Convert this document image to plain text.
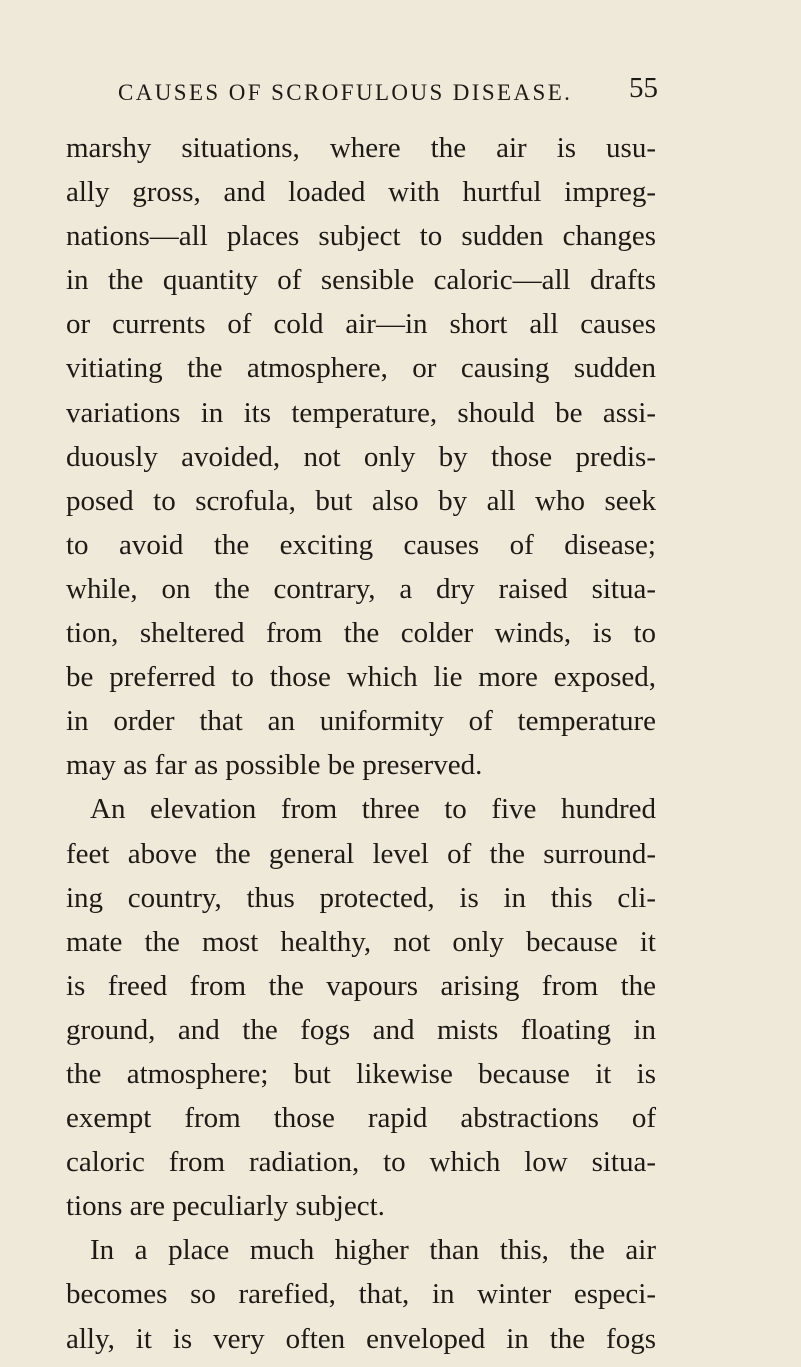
CAUSES OF SCROFULOUS DISEASE. 55
marshy situations, where the air is usu-
ally gross, and loaded with hurtful impreg-
nations—all places subject to sudden changes
in the quantity of sensible caloric—all drafts
or currents of cold air—in short all causes
vitiating the atmosphere, or causing sudden
variations in its temperature, should be assi-
duously avoided, not only by those predis-
posed to scrofula, but also by all who seek
to avoid the exciting causes of disease;
while, on the contrary, a dry raised situa-
tion, sheltered from the colder winds, is to
be preferred to those which lie more exposed,
in order that an uniformity of temperature
may as far as possible be preserved.
An elevation from three to five hundred
feet above the general level of the surround-
ing country, thus protected, is in this cli-
mate the most healthy, not only because it
is freed from the vapours arising from the
ground, and the fogs and mists floating in
the atmosphere; but likewise because it is
exempt from those rapid abstractions of
caloric from radiation, to which low situa-
tions are peculiarly subject.
In a place much higher than this, the air
becomes so rarefied, that, in winter especi-
ally, it is very often enveloped in the fogs
